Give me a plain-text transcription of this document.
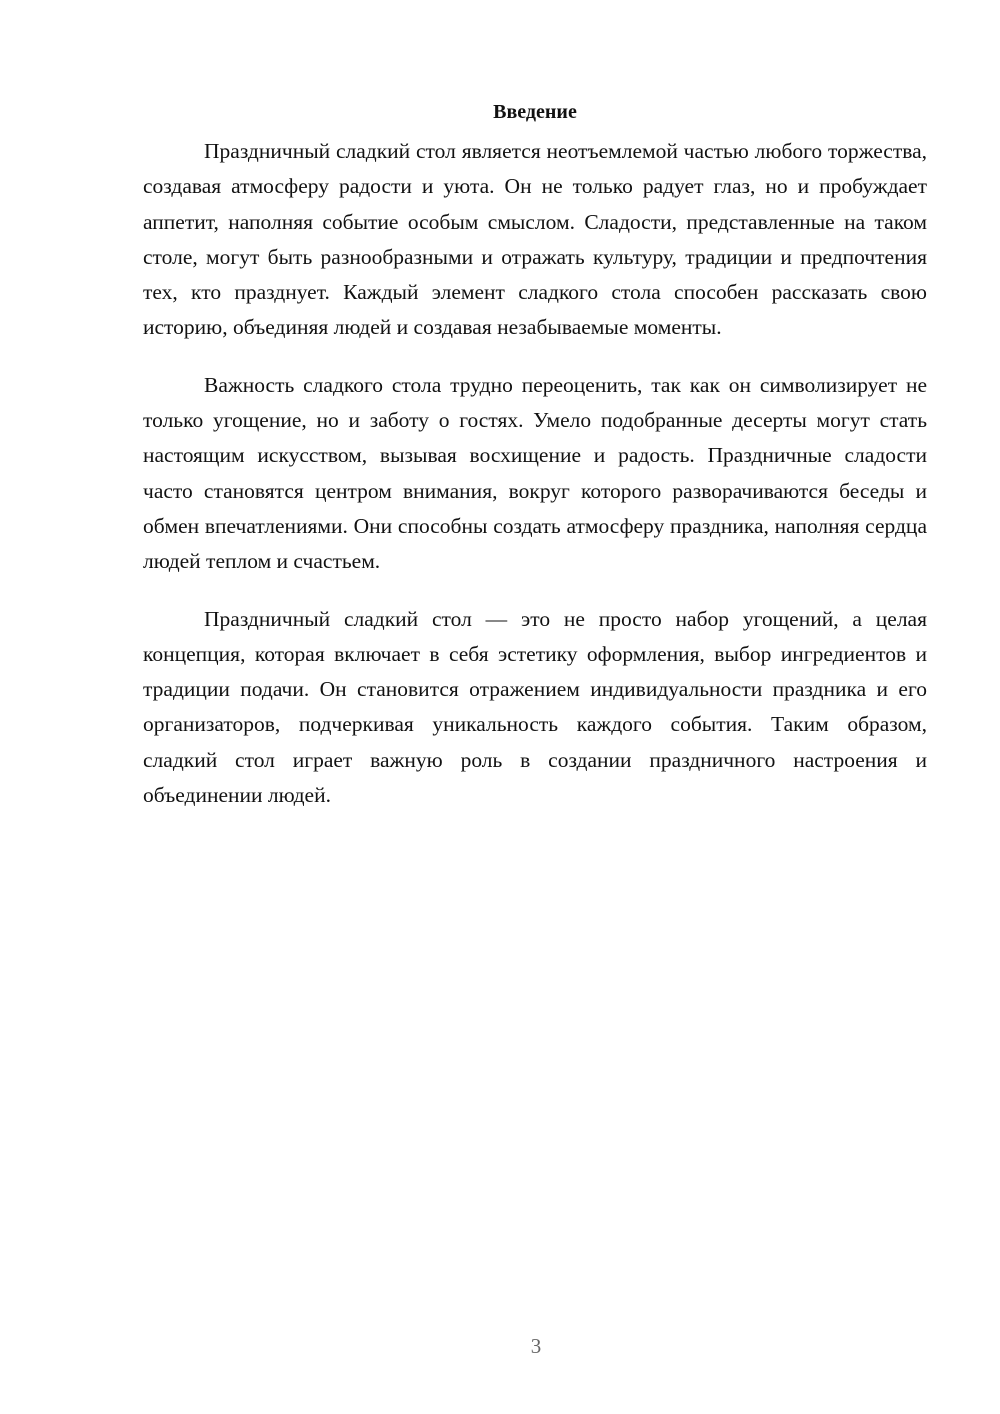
Введение

Праздничный сладкий стол является неотъемлемой частью любого торжества, создавая атмосферу радости и уюта. Он не только радует глаз, но и пробуждает аппетит, наполняя событие особым смыслом. Сладости, представленные на таком столе, могут быть разнообразными и отражать культуру, традиции и предпочтения тех, кто празднует. Каждый элемент сладкого стола способен рассказать свою историю, объединяя людей и создавая незабываемые моменты.

Важность сладкого стола трудно переоценить, так как он символизирует не только угощение, но и заботу о гостях. Умело подобранные десерты могут стать настоящим искусством, вызывая восхищение и радость. Праздничные сладости часто становятся центром внимания, вокруг которого разворачиваются беседы и обмен впечатлениями. Они способны создать атмосферу праздника, наполняя сердца людей теплом и счастьем.

Праздничный сладкий стол — это не просто набор угощений, а целая концепция, которая включает в себя эстетику оформления, выбор ингредиентов и традиции подачи. Он становится отражением индивидуальности праздника и его организаторов, подчеркивая уникальность каждого события. Таким образом, сладкий стол играет важную роль в создании праздничного настроения и объединении людей.

3
